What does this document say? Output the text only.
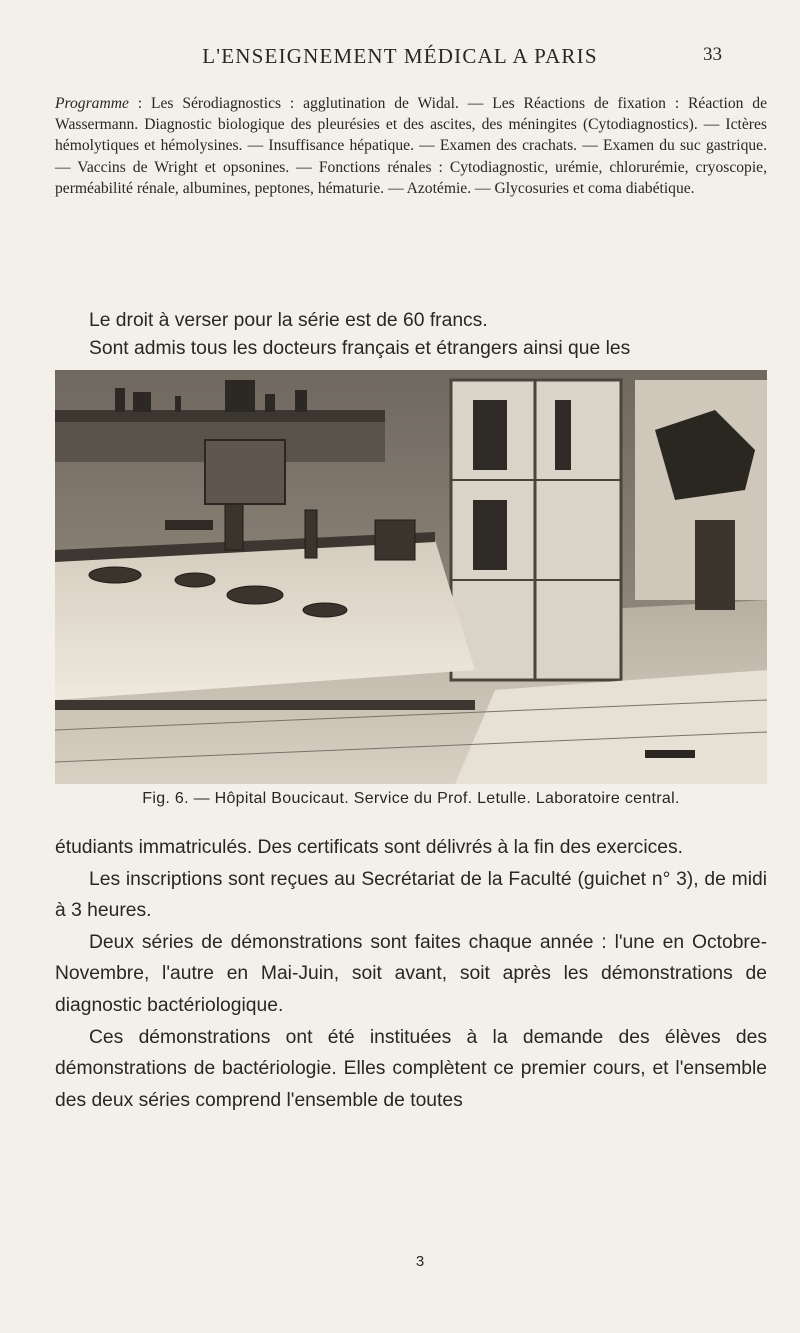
L'ENSEIGNEMENT MÉDICAL A PARIS	33
Programme : Les Sérodiagnostics : agglutination de Widal. — Les Réactions de fixation : Réaction de Wassermann. Diagnostic biologique des pleurésies et des ascites, des méningites (Cytodiagnostics). — Ictères hémolytiques et hémolysines. — Insuffisance hépatique. — Examen des crachats. — Examen du suc gastrique. — Vaccins de Wright et opsonines. — Fonctions rénales : Cytodiagnostic, urémie, chlorurémie, cryoscopie, perméabilité rénale, albumines, peptones, hématurie. — Azotémie. — Glycosuries et coma diabétique.
Le droit à verser pour la série est de 60 francs.
Sont admis tous les docteurs français et étrangers ainsi que les
Fig. 6. — Hôpital Boucicaut. Service du Prof. Letulle. Laboratoire central.

étudiants immatriculés. Des certificats sont délivrés à la fin des exercices.

Les inscriptions sont reçues au Secrétariat de la Faculté (guichet n° 3), de midi à 3 heures.

Deux séries de démonstrations sont faites chaque année : l'une en Octobre-Novembre, l'autre en Mai-Juin, soit avant, soit après les démonstrations de diagnostic bactériologique.

Ces démonstrations ont été instituées à la demande des élèves des démonstrations de bactériologie. Elles complètent ce premier cours, et l'ensemble des deux séries comprend l'ensemble de toutes

3
